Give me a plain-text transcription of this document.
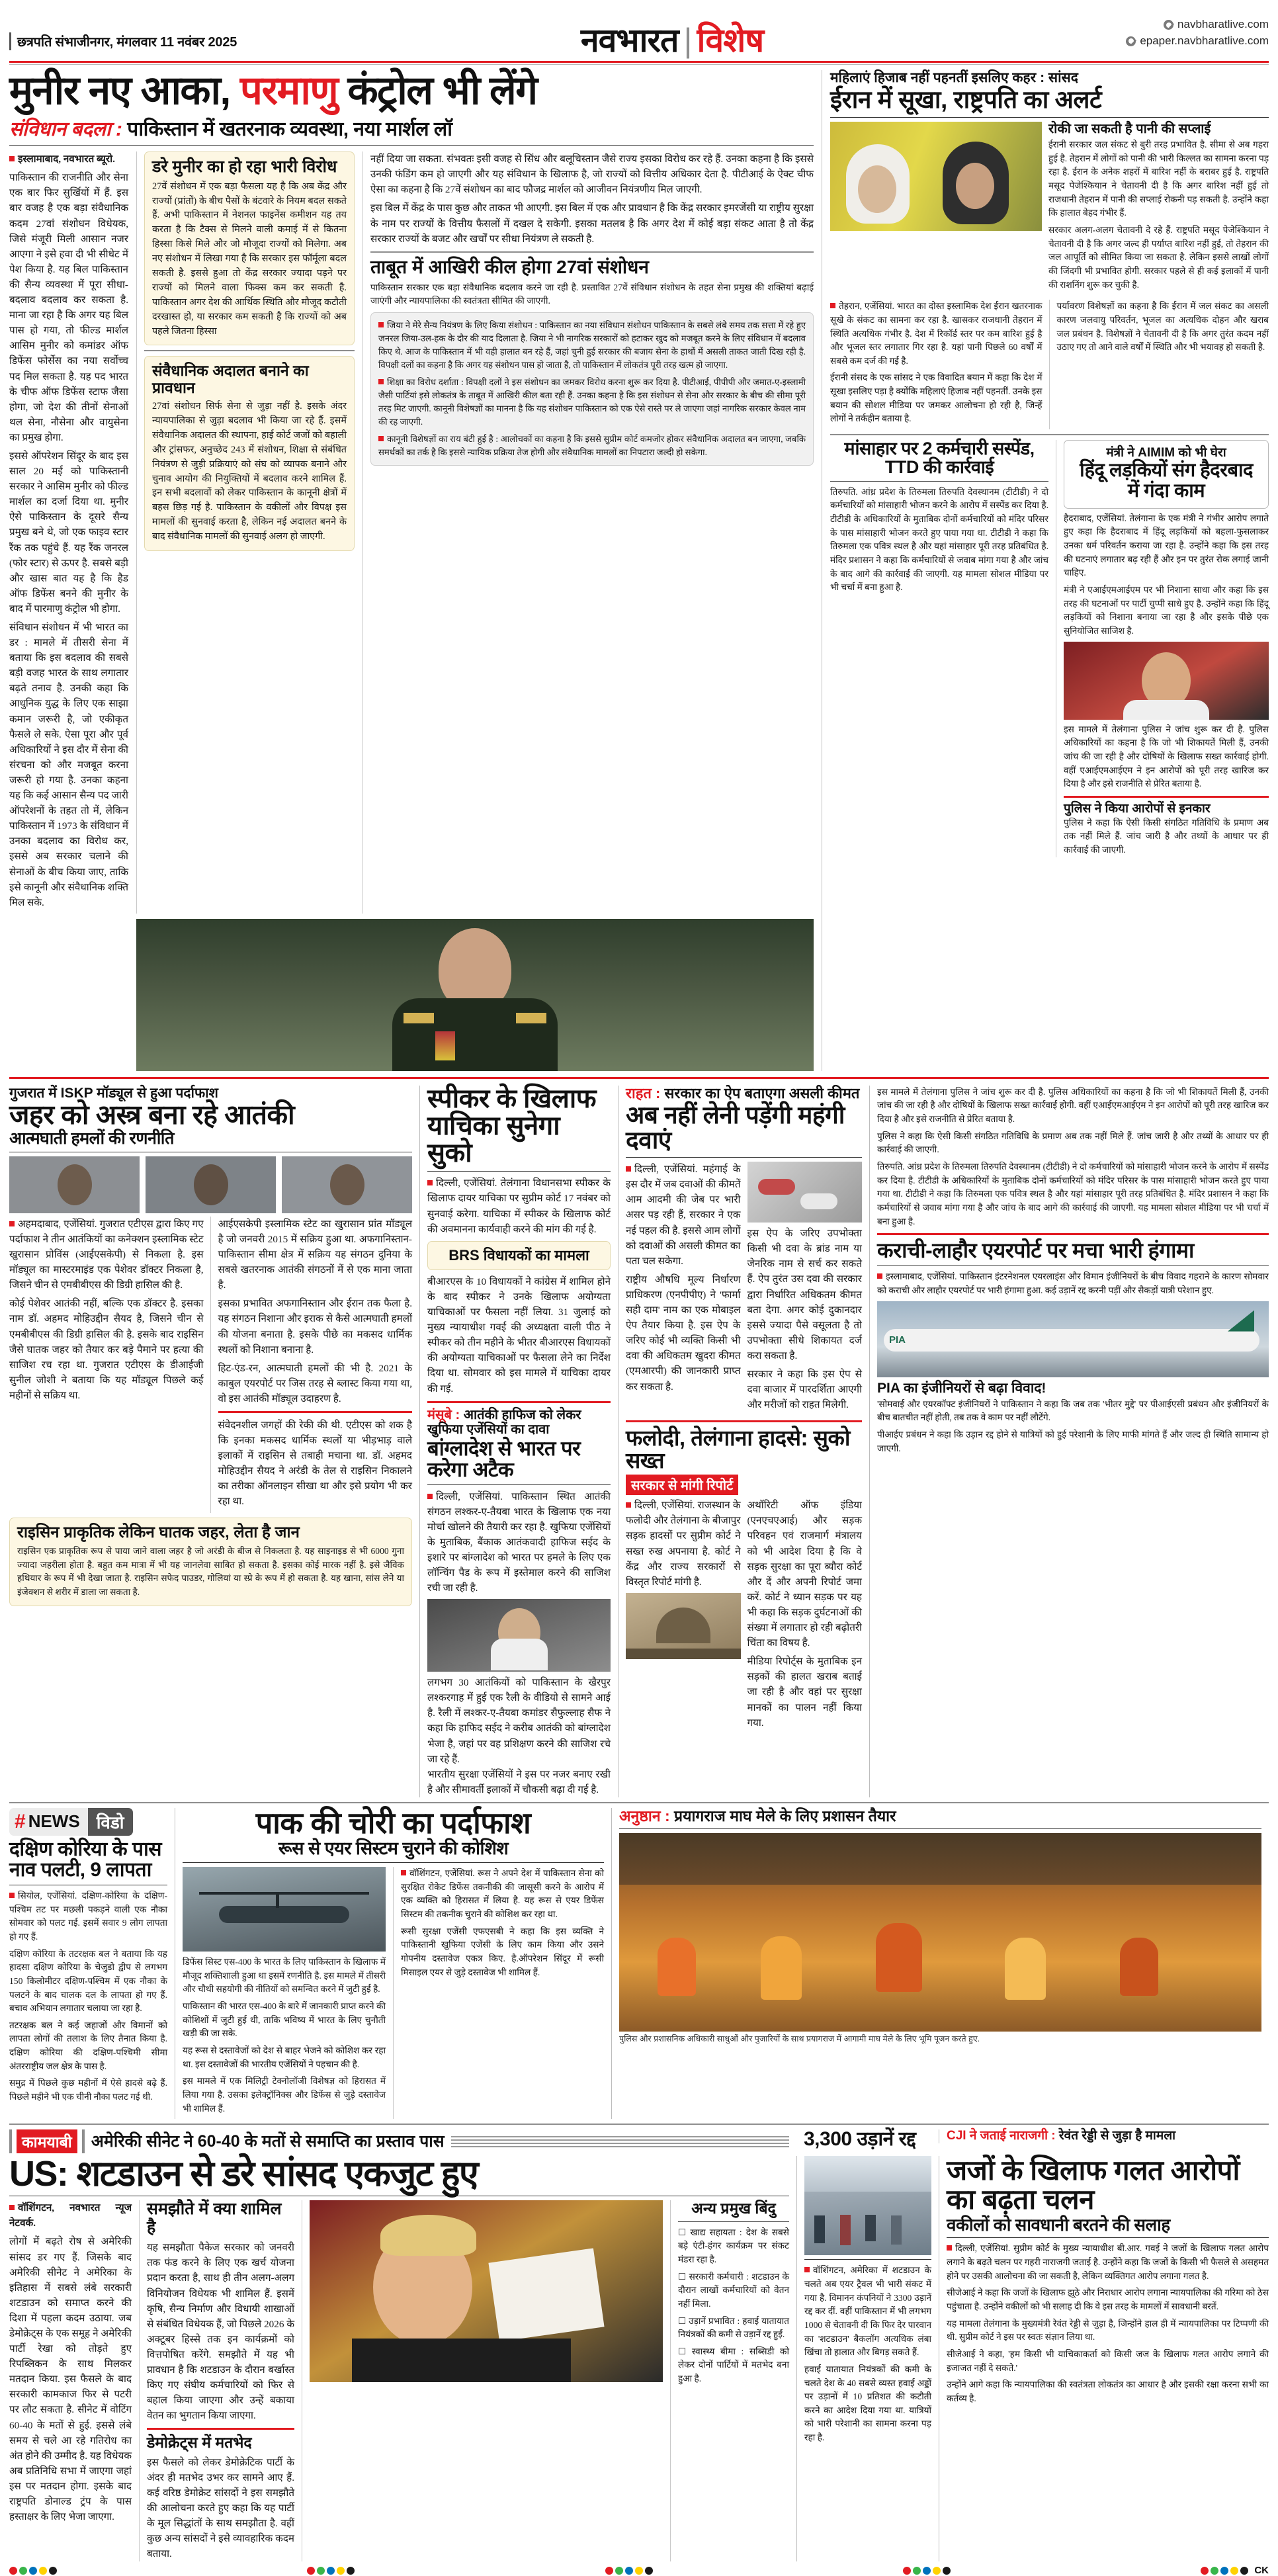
छत्रपति संभाजीनगर, मंगलवार 11 नवंबर 2025	नवभारत | विशेष	navbharatlive.com
epaper.navbharatlive.com
मुनीर नए आका, परमाणु कंट्रोल भी लेंगे
संविधान बदला : पाकिस्तान में खतरनाक व्यवस्था, नया मार्शल लॉ

इस्लामाबाद, नवभारत ब्यूरो.

पाकिस्तान की राजनीति और सेना एक बार फिर सुर्खियों में हैं. इस बार वजह है एक बड़ा संवैधानिक कदम 27वां संशोधन विधेयक, जिसे मंजूरी मिली आसान नजर आएगा ने इसे हवा दी भी सीधेट में पेश किया है. यह बिल पाकिस्तान की सैन्य व्यवस्था में पूरा सीधा-बदलाव बदलाव कर सकता है. माना जा रहा है कि अगर यह बिल पास हो गया, तो फील्ड मार्शल आसिम मुनीर को कमांडर ऑफ डिफेंस फोर्सेस का नया सर्वोच्च पद मिल सकता है. यह पद भारत के चीफ ऑफ डिफेंस स्टाफ जैसा होगा, जो देश की तीनों सेनाओं थल सेना, नौसेना और वायुसेना का प्रमुख होगा.

इससे ऑपरेशन सिंदूर के बाद इस साल 20 मई को पाकिस्तानी सरकार ने आसिम मुनीर को फील्ड मार्शल का दर्जा दिया था. मुनीर ऐसे पाकिस्तान के दूसरे सैन्य प्रमुख बने थे, जो एक फाइव स्टार रैंक तक पहुंचे हैं. यह रैंक जनरल (फोर स्टार) से ऊपर है. सबसे बड़ी और खास बात यह है कि हैड ऑफ डिफेंस बनने की मुनीर के बाद में पारमाणु कंट्रोल भी होगा.

संविधान संशोधन में भी भारत का डर : मामले में तीसरी सेना में बताया कि इस बदलाव की सबसे बड़ी वजह भारत के साथ लगातार बढ़ते तनाव है. उनकी कहा कि आधुनिक युद्ध के लिए एक साझा कमान जरूरी है, जो एकीकृत फैसले ले सके. ऐसा पूरा और पूर्व अधिकारियों ने इस दौर में सेना की संरचना को और मजबूत करना जरूरी हो गया है. उनका कहना यह कि कई आसान सैन्य पद जारी ऑपरेशनों के तहत तो में, लेकिन पाकिस्तान में 1973 के संविधान में उनका बदलाव का विरोध कर, इससे अब सरकार चलाने की सेनाओं के बीच किया जाए, ताकि इसे कानूनी और संवैधानिक शक्ति मिल सके.

डरे मुनीर का हो रहा भारी विरोध
27वें संशोधन में एक बड़ा फैसला यह है कि अब केंद्र और राज्यों (प्रांतों) के बीच पैसों के बंटवारे के नियम बदल सकते हैं. अभी पाकिस्तान में नेशनल फाइनेंस कमीशन यह तय करता है कि टैक्स से मिलने वाली कमाई में से कितना हिस्सा किसे मिले और जो मौजूदा राज्यों को मिलेगा. अब नए संशोधन में लिखा गया है कि सरकार इस फॉर्मूला बदल सकती है. इससे हुआ तो केंद्र सरकार ज्यादा पड़ने पर राज्यों को मिलने वाला फिक्स कम कर सकती है. पाकिस्तान अगर देश की आर्थिक स्थिति और मौजूद कटौती दरखास्त हो, या सरकार कम सकती है कि राज्यों को अब पहले जितना हिस्सा
संवैधानिक अदालत बनाने का प्रावधान
27वां संशोधन सिर्फ सेना से जुड़ा नहीं है. इसके अंदर न्यायपालिका से जुड़ा बदलाव भी किया जा रहे हैं. इसमें संवैधानिक अदालत की स्थापना, हाई कोर्ट जजों को बहाली और ट्रांसफर, अनुच्छेद 243 में संशोधन, शिक्षा से संबंधित नियंत्रण से जुड़ी प्रक्रियाएं को संघ को व्यापक बनाने और चुनाव आयोग की नियुक्तियों में बदलाव करने शामिल हैं. इन सभी बदलावों को लेकर पाकिस्तान के कानूनी क्षेत्रों में बहस छिड़ गई है. पाकिस्तान के वकीलों और विपक्ष इस मामलों की सुनवाई करता है, लेकिन नई अदालत बनने के बाद संवैधानिक मामलों की सुनवाई अलग हो जाएगी.

नहीं दिया जा सकता. संभवतः इसी वजह से सिंध और बलूचिस्तान जैसे राज्य इसका विरोध कर रहे हैं. उनका कहना है कि इससे उनकी फंडिंग कम हो जाएगी और यह संविधान के खिलाफ है, जो राज्यों को वित्तीय अधिकार देता है. पीटीआई के ऐक्ट चीफ ऐसा का कहना है कि 27वें संशोधन का बाद फौजद्र मार्शल को आजीवन नियंत्रणीय मिल जाएगी.

इस बिल में केंद्र के पास कुछ और ताकत भी आएगी. इस बिल में एक और प्रावधान है कि केंद्र सरकार इमरजेंसी या राष्ट्रीय सुरक्षा के नाम पर राज्यों के वित्तीय फैसलों में दखल दे सकेगी. इसका मतलब है कि अगर देश में कोई बड़ा संकट आता है तो केंद्र सरकार राज्यों के बजट और खर्चों पर सीधा नियंत्रण ले सकती है.

ताबूत में आखिरी कील होगा 27वां संशोधन
पाकिस्तान सरकार एक बड़ा संवैधानिक बदलाव करने जा रही है. प्रस्तावित 27वें संविधान संशोधन के तहत सेना प्रमुख की शक्तियां बढ़ाई जाएंगी और न्यायपालिका की स्वतंत्रता सीमित की जाएगी.
जिया ने मेरे सैन्य नियंत्रण के लिए किया संशोधन : पाकिस्तान का नया संविधान संशोधन पाकिस्तान के सबसे लंबे समय तक सत्ता में रहे हुए जनरल जिया-उल-हक के दौर की याद दिलाता है. जिया ने भी नागरिक सरकारों को हटाकर खुद को मजबूत करने के लिए संविधान में बदलाव किए थे. आज के पाकिस्तान में भी वही हालात बन रहे हैं, जहां चुनी हुई सरकार की बजाय सेना के हाथों में असली ताकत जाती दिख रही है. विपक्षी दलों का कहना है कि अगर यह संशोधन पास हो जाता है, तो पाकिस्तान में लोकतंत्र पूरी तरह खत्म हो जाएगा.
शिक्षा का विरोध दर्शाता : विपक्षी दलों ने इस संशोधन का जमकर विरोध करना शुरू कर दिया है. पीटीआई, पीपीपी और जमात-ए-इस्लामी जैसी पार्टियां इसे लोकतंत्र के ताबूत में आखिरी कील बता रही हैं. उनका कहना है कि इस संशोधन से सेना और सरकार के बीच की सीमा पूरी तरह मिट जाएगी. कानूनी विशेषज्ञों का मानना है कि यह संशोधन पाकिस्तान को एक ऐसे रास्ते पर ले जाएगा जहां नागरिक सरकार केवल नाम की रह जाएगी.
कानूनी विशेषज्ञों का राय बंटी हुई है : आलोचकों का कहना है कि इससे सुप्रीम कोर्ट कमजोर होकर संवैधानिक अदालत बन जाएगा, जबकि समर्थकों का तर्क है कि इससे न्यायिक प्रक्रिया तेज होगी और संवैधानिक मामलों का निपटारा जल्दी हो सकेगा.
महिलाएं हिजाब नहीं पहनतीं इसलिए कहर : सांसद
ईरान में सूखा, राष्ट्रपति का अलर्ट
रोकी जा सकती है पानी की सप्लाई

ईरानी सरकार जल संकट से बुरी तरह प्रभावित है. सीमा से अब गहरा हुई है. तेहरान में लोगों को पानी की भारी किल्लत का सामना करना पड़ रहा है. ईरान के अनेक शहरों में बारिश नहीं के बराबर हुई है. राष्ट्रपति मसूद पेजेश्कियान ने चेतावनी दी है कि अगर बारिश नहीं हुई तो राजधानी तेहरान में पानी की सप्लाई रोकनी पड़ सकती है. उन्होंने कहा कि हालात बेहद गंभीर हैं.

सरकार अलग-अलग चेतावनी दे रहे हैं. राष्ट्रपति मसूद पेजेश्कियान ने चेतावनी दी है कि अगर जल्द ही पर्याप्त बारिश नहीं हुई, तो तेहरान की जल आपूर्ति को सीमित किया जा सकता है. लेकिन इससे लाखों लोगों की जिंदगी भी प्रभावित होगी. सरकार पहले से ही कई इलाकों में पानी की राशनिंग शुरू कर चुकी है.

तेहरान, एजेंसियां. भारत का दोस्त इस्लामिक देश ईरान खतरनाक सूखे के संकट का सामना कर रहा है. खासकर राजधानी तेहरान में स्थिति अत्यधिक गंभीर है. देश में रिकॉर्ड स्तर पर कम बारिश हुई है और भूजल स्तर लगातार गिर रहा है. यहां पानी पिछले 60 वर्षों में सबसे कम दर्ज की गई है.

ईरानी संसद के एक सांसद ने एक विवादित बयान में कहा कि देश में सूखा इसलिए पड़ा है क्योंकि महिलाएं हिजाब नहीं पहनतीं. उनके इस बयान की सोशल मीडिया पर जमकर आलोचना हो रही है, जिन्हें लोगों ने तर्कहीन बताया है.

पर्यावरण विशेषज्ञों का कहना है कि ईरान में जल संकट का असली कारण जलवायु परिवर्तन, भूजल का अत्यधिक दोहन और खराब जल प्रबंधन है. विशेषज्ञों ने चेतावनी दी है कि अगर तुरंत कदम नहीं उठाए गए तो आने वाले वर्षों में स्थिति और भी भयावह हो सकती है.

मांसाहार पर 2 कर्मचारी सस्पेंड, TTD की कार्रवाई
तिरुपति. आंध्र प्रदेश के तिरुमला तिरुपति देवस्थानम (टीटीडी) ने दो कर्मचारियों को मांसाहारी भोजन करने के आरोप में सस्पेंड कर दिया है. टीटीडी के अधिकारियों के मुताबिक दोनों कर्मचारियों को मंदिर परिसर के पास मांसाहारी भोजन करते हुए पाया गया था. टीटीडी ने कहा कि तिरुमला एक पवित्र स्थल है और यहां मांसाहार पूरी तरह प्रतिबंधित है. मंदिर प्रशासन ने कहा कि कर्मचारियों से जवाब मांगा गया है और जांच के बाद आगे की कार्रवाई की जाएगी. यह मामला सोशल मीडिया पर भी चर्चा में बना हुआ है.
मंत्री ने AIMIM को भी घेरा
हिंदू लड़कियों संग हैदरबाद में गंदा काम

हैदराबाद, एजेंसियां. तेलंगाना के एक मंत्री ने गंभीर आरोप लगाते हुए कहा कि हैदराबाद में हिंदू लड़कियों को बहला-फुसलाकर उनका धर्म परिवर्तन कराया जा रहा है. उन्होंने कहा कि इस तरह की घटनाएं लगातार बढ़ रही हैं और इन पर तुरंत रोक लगाई जानी चाहिए.

मंत्री ने एआईएमआईएम पर भी निशाना साधा और कहा कि इस तरह की घटनाओं पर पार्टी चुप्पी साधे हुए है. उन्होंने कहा कि हिंदू लड़कियों को निशाना बनाया जा रहा है और इसके पीछे एक सुनियोजित साजिश है.

इस मामले में तेलंगाना पुलिस ने जांच शुरू कर दी है. पुलिस अधिकारियों का कहना है कि जो भी शिकायतें मिली हैं, उनकी जांच की जा रही है और दोषियों के खिलाफ सख्त कार्रवाई होगी. वहीं एआईएमआईएम ने इन आरोपों को पूरी तरह खारिज कर दिया है और इसे राजनीति से प्रेरित बताया है.
पुलिस ने किया आरोपों से इनकार
पुलिस ने कहा कि ऐसी किसी संगठित गतिविधि के प्रमाण अब तक नहीं मिले हैं. जांच जारी है और तथ्यों के आधार पर ही कार्रवाई की जाएगी.
गुजरात में ISKP मॉड्यूल से हुआ पर्दाफाश
जहर को अस्त्र बना रहे आतंकी
आत्मघाती हमलों की रणनीति

अहमदाबाद, एजेंसियां. गुजरात एटीएस द्वारा किए गए पर्दाफाश ने तीन आतंकियों का कनेक्शन इस्लामिक स्टेट खुरासान प्रोविंस (आईएसकेपी) से निकला है. इस मॉड्यूल का मास्टरमाइंड एक पेशेवर डॉक्टर निकला है, जिसने चीन से एमबीबीएस की डिग्री हासिल की है.

कोई पेशेवर आतंकी नहीं, बल्कि एक डॉक्टर है. इसका नाम डॉ. अहमद मोहिउद्दीन सैयद है, जिसने चीन से एमबीबीएस की डिग्री हासिल की है. इसके बाद राइसिन जैसे घातक जहर को तैयार कर बड़े पैमाने पर हत्या की साजिश रच रहा था. गुजरात एटीएस के डीआईजी सुनील जोशी ने बताया कि यह मॉड्यूल पिछले कई महीनों से सक्रिय था.

आईएसकेपी इस्लामिक स्टेट का खुरासान प्रांत मॉड्यूल है जो जनवरी 2015 में सक्रिय हुआ था. अफगानिस्तान-पाकिस्तान सीमा क्षेत्र में सक्रिय यह संगठन दुनिया के सबसे खतरनाक आतंकी संगठनों में से एक माना जाता है.

इसका प्रभावित अफगानिस्तान और ईरान तक फैला है. यह संगठन निशाना और इराक से कैसे आत्मघाती हमलों की योजना बनाता है. इसके पीछे का मकसद धार्मिक स्थलों को निशाना बनाना है.

हिट-एंड-रन, आत्मघाती हमलों की भी है. 2021 के काबुल एयरपोर्ट पर जिस तरह से ब्लास्ट किया गया था, वो इस आतंकी मॉड्यूल उदाहरण है.

संवेदनशील जगहों की रेकी की थी. एटीएस को शक है कि इनका मकसद धार्मिक स्थलों या भीड़भाड़ वाले इलाकों में राइसिन से तबाही मचाना था. डॉ. अहमद मोहिउद्दीन सैयद ने अरंडी के तेल से राइसिन निकालने का तरीका ऑनलाइन सीखा था और इसे प्रयोग भी कर रहा था.

राइसिन प्राकृतिक लेकिन घातक जहर, लेता है जान
राइसिन एक प्राकृतिक रूप से पाया जाने वाला जहर है जो अरंडी के बीज से निकलता है. यह साइनाइड से भी 6000 गुना ज्यादा जहरीला होता है. बहुत कम मात्रा में भी यह जानलेवा साबित हो सकता है. इसका कोई मारक नहीं है. इसे जैविक हथियार के रूप में भी देखा जाता है. राइसिन सफेद पाउडर, गोलियां या स्प्रे के रूप में हो सकता है. यह खाना, सांस लेने या इंजेक्शन से शरीर में डाला जा सकता है.
स्पीकर के खिलाफ याचिका सुनेगा सुको

दिल्ली, एजेंसियां. तेलंगाना विधानसभा स्पीकर के खिलाफ दायर याचिका पर सुप्रीम कोर्ट 17 नवंबर को सुनवाई करेगा. याचिका में स्पीकर के खिलाफ कोर्ट की अवमानना कार्यवाही करने की मांग की गई है.

BRS विधायकों का मामला
बीआरएस के 10 विधायकों ने कांग्रेस में शामिल होने के बाद स्पीकर ने उनके खिलाफ अयोग्यता याचिकाओं पर फैसला नहीं लिया. 31 जुलाई को मुख्य न्यायाधीश गवई की अध्यक्षता वाली पीठ ने स्पीकर को तीन महीने के भीतर बीआरएस विधायकों की अयोग्यता याचिकाओं पर फैसला लेने का निर्देश दिया था. सोमवार को इस मामले में याचिका दायर की गई.
मंसूबे : आतंकी हाफिज को लेकर खुफिया एजेंसियों का दावा
बांग्लादेश से भारत पर करेगा अटैक

दिल्ली, एजेंसियां. पाकिस्तान स्थित आतंकी संगठन लश्कर-ए-तैयबा भारत के खिलाफ एक नया मोर्चा खोलने की तैयारी कर रहा है. खुफिया एजेंसियों के मुताबिक, बैंकाक आतंकवादी हाफिज सईद के इशारे पर बांग्लादेश को भारत पर हमले के लिए एक लॉन्चिंग पैड के रूप में इस्तेमाल करने की साजिश रची जा रही है.

लगभग 30 आतंकियों को पाकिस्तान के खैरपुर लश्करगाह में हुई एक रैली के वीडियो से सामने आई है. रैली में लश्कर-ए-तैयबा कमांडर सैफुल्लाह सैफ ने कहा कि हाफिद सईद ने करीब आतंकी को बांग्लादेश भेजा है, जहां पर वह प्रशिक्षण करने की साजिश रचे जा रहे हैं.
भारतीय सुरक्षा एजेंसियों ने इस पर नजर बनाए रखी है और सीमावर्ती इलाकों में चौकसी बढ़ा दी गई है.
राहत : सरकार का ऐप बताएगा असली कीमत
अब नहीं लेनी पड़ेंगी महंगी दवाएं

दिल्ली, एजेंसियां. महंगाई के इस दौर में जब दवाओं की कीमतें आम आदमी की जेब पर भारी असर पड़ रही हैं, सरकार ने एक नई पहल की है. इससे आम लोगों को दवाओं की असली कीमत का पता चल सकेगा.

राष्ट्रीय औषधि मूल्य निर्धारण प्राधिकरण (एनपीपीए) ने 'फार्मा सही दाम' नाम का एक मोबाइल ऐप तैयार किया है. इस ऐप के जरिए कोई भी व्यक्ति किसी भी दवा की अधिकतम खुदरा कीमत (एमआरपी) की जानकारी प्राप्त कर सकता है.

इस ऐप के जरिए उपभोक्ता किसी भी दवा के ब्रांड नाम या जेनरिक नाम से सर्च कर सकते हैं. ऐप तुरंत उस दवा की सरकार द्वारा निर्धारित अधिकतम कीमत बता देगा. अगर कोई दुकानदार इससे ज्यादा पैसे वसूलता है तो उपभोक्ता सीधे शिकायत दर्ज करा सकता है.

सरकार ने कहा कि इस ऐप से दवा बाजार में पारदर्शिता आएगी और मरीजों को राहत मिलेगी.

फलोदी, तेलंगाना हादसे: सुको सख्त
सरकार से मांगी रिपोर्ट

दिल्ली, एजेंसियां. राजस्थान के फलोदी और तेलंगाना के बीजापुर सड़क हादसों पर सुप्रीम कोर्ट ने सख्त रुख अपनाया है. कोर्ट ने केंद्र और राज्य सरकारों से विस्तृत रिपोर्ट मांगी है.

अथॉरिटी ऑफ इंडिया (एनएचएआई) और सड़क परिवहन एवं राजमार्ग मंत्रालय को भी आदेश दिया है कि वे सड़क सुरक्षा का पूरा ब्यौरा कोर्ट और दें और अपनी रिपोर्ट जमा करें. कोर्ट ने ध्यान सड़क पर यह भी कहा कि सड़क दुर्घटनाओं की संख्या में लगातार हो रही बढ़ोतरी चिंता का विषय है.

मीडिया रिपोर्ट्स के मुताबिक इन सड़कों की हालत खराब बताई जा रही है और वहां पर सुरक्षा मानकों का पालन नहीं किया गया.

इस मामले में तेलंगाना पुलिस ने जांच शुरू कर दी है. पुलिस अधिकारियों का कहना है कि जो भी शिकायतें मिली हैं, उनकी जांच की जा रही है और दोषियों के खिलाफ सख्त कार्रवाई होगी. वहीं एआईएमआईएम ने इन आरोपों को पूरी तरह खारिज कर दिया है और इसे राजनीति से प्रेरित बताया है.

पुलिस ने कहा कि ऐसी किसी संगठित गतिविधि के प्रमाण अब तक नहीं मिले हैं. जांच जारी है और तथ्यों के आधार पर ही कार्रवाई की जाएगी.

तिरुपति. आंध्र प्रदेश के तिरुमला तिरुपति देवस्थानम (टीटीडी) ने दो कर्मचारियों को मांसाहारी भोजन करने के आरोप में सस्पेंड कर दिया है. टीटीडी के अधिकारियों के मुताबिक दोनों कर्मचारियों को मंदिर परिसर के पास मांसाहारी भोजन करते हुए पाया गया था. टीटीडी ने कहा कि तिरुमला एक पवित्र स्थल है और यहां मांसाहार पूरी तरह प्रतिबंधित है. मंदिर प्रशासन ने कहा कि कर्मचारियों से जवाब मांगा गया है और जांच के बाद आगे की कार्रवाई की जाएगी. यह मामला सोशल मीडिया पर भी चर्चा में बना हुआ है.

कराची-लाहौर एयरपोर्ट पर मचा भारी हंगामा

इस्लामाबाद, एजेंसियां. पाकिस्तान इंटरनेशनल एयरलाइंस और विमान इंजीनियरों के बीच विवाद गहराने के कारण सोमवार को कराची और लाहौर एयरपोर्ट पर भारी हंगामा हुआ. कई उड़ानें रद्द करनी पड़ीं और सैकड़ों यात्री परेशान हुए.

PIA
PIA का इंजीनियरों से बढ़ा विवाद!

'सोमवाई और एयरकॉफ्ट इंजीनियरों ने पाकिस्तान ने कहा कि जब तक 'भीतर मुद्दे' पर पीआईएसी प्रबंधन और इंजीनियरों के बीच बातचीत नहीं होती, तब तक वे काम पर नहीं लौटेंगे.

पीआईए प्रबंधन ने कहा कि उड़ान रद्द होने से यात्रियों को हुई परेशानी के लिए माफी मांगते हैं और जल्द ही स्थिति सामान्य हो जाएगी.

# NEWS विडो
दक्षिण कोरिया के पास नाव पलटी, 9 लापता

सियोल, एजेंसियां. दक्षिण-कोरिया के दक्षिण-पश्चिम तट पर मछली पकड़ने वाली एक नौका सोमवार को पलट गई. इसमें सवार 9 लोग लापता हो गए हैं.

दक्षिण कोरिया के तटरक्षक बल ने बताया कि यह हादसा दक्षिण कोरिया के चेजुडो द्वीप से लगभग 150 किलोमीटर दक्षिण-पश्चिम में एक नौका के पलटने के बाद चालक दल के लापता हो गए हैं. बचाव अभियान लगातार चलाया जा रहा है.

तटरक्षक बल ने कई जहाजों और विमानों को लापता लोगों की तलाश के लिए तैनात किया है. दक्षिण कोरिया की दक्षिण-पश्चिमी सीमा अंतरराष्ट्रीय जल क्षेत्र के पास है.

समुद्र में पिछले कुछ महीनों में ऐसे हादसे बढ़े हैं. पिछले महीने भी एक चीनी नौका पलट गई थी.

पाक की चोरी का पर्दाफाश
रूस से एयर सिस्टम चुराने की कोशिश

डिफेंस सिस्ट एस-400 के भारत के लिए पाकिस्तान के खिलाफ में मौजूद शक्तिशाली हुआ था इसमें रणनीति है. इस मामले में तीसरी और चौथी सहयोगी की नीतियों को समन्वित करने में जुटी हुई है.

पाकिस्तान की भारत एस-400 के बारे में जानकारी प्राप्त करने की कोशिशों में जुटी हुई थी, ताकि भविष्य में भारत के लिए चुनौती खड़ी की जा सके.

यह रूस से दस्तावेजों को देश से बाहर भेजने को कोशिश कर रहा था. इस दस्तावेजों की भारतीय एजेंसियों ने पहचान की है.

इस मामले में एक मिलिट्री टेक्नोलॉजी विशेषज्ञ को हिरासत में लिया गया है. उसका इलेक्ट्रॉनिक्स और डिफेंस से जुड़े दस्तावेज भी शामिल हैं.

वॉशिंगटन, एजेंसियां. रूस ने अपने देश में पाकिस्तान सेना को सुरक्षित रोकेट डिफेंस तकनीकी की जासूसी करने के आरोप में एक व्यक्ति को हिरासत में लिया है. यह रूस से एयर डिफेंस सिस्टम की तकनीक चुराने की कोशिश कर रहा था.

रूसी सुरक्षा एजेंसी एफएसबी ने कहा कि इस व्यक्ति ने पाकिस्तानी खुफिया एजेंसी के लिए काम किया और उसने गोपनीय दस्तावेज एकत्र किए. है.ऑपरेशन सिंदूर में रूसी मिसाइल एयर से जुड़े दस्तावेज भी शामिल हैं.

अनुष्ठान : प्रयागराज माघ मेले के लिए प्रशासन तैयार
पुलिस और प्रशासनिक अधिकारी साधुओं और पुजारियों के साथ प्रयागराज में आगामी माघ मेले के लिए भूमि पूजन करते हुए.
कामयाबी	अमेरिकी सीनेट ने 60-40 के मतों से समाप्ति का प्रस्ताव पास	3,300 उड़ानें रद्द	CJI ने जताई नाराजगी : रेवंत रेड्डी से जुड़ा है मामला
US: शटडाउन से डरे सांसद एकजुट हुए

वॉशिंगटन, नवभारत न्यूज नेटवर्क.

लोगों में बढ़ते रोष से अमेरिकी सांसद डर गए हैं. जिसके बाद अमेरिकी सीनेट ने अमेरिका के इतिहास में सबसे लंबे सरकारी शटडाउन को समाप्त करने की दिशा में पहला कदम उठाया. जब डेमोक्रेट्स के एक समूह ने अमेरिकी पार्टी रेखा को तोड़ते हुए रिपब्लिकन के साथ मिलकर मतदान किया. इस फैसले के बाद सरकारी कामकाज फिर से पटरी पर लौट सकता है. सीनेट में वोटिंग 60-40 के मतों से हुई. इससे लंबे समय से चले आ रहे गतिरोध का अंत होने की उम्मीद है. यह विधेयक अब प्रतिनिधि सभा में जाएगा जहां इस पर मतदान होगा. इसके बाद राष्ट्रपति डोनाल्ड ट्रंप के पास हस्ताक्षर के लिए भेजा जाएगा.

समझौते में क्या शामिल है
यह समझौता पैकेज सरकार को जनवरी तक फंड करने के लिए एक खर्च योजना प्रदान करता है, साथ ही तीन अलग-अलग विनियोजन विधेयक भी शामिल हैं. इसमें कृषि, सैन्य निर्माण और विधायी शाखाओं से संबंधित विधेयक हैं, जो पिछले 2026 के अक्टूबर हिस्से तक इन कार्यक्रमों को वित्तपोषित करेंगे. समझौते में यह भी प्रावधान है कि शटडाउन के दौरान बर्खास्त किए गए संघीय कर्मचारियों को फिर से बहाल किया जाएगा और उन्हें बकाया वेतन का भुगतान किया जाएगा.
डेमोक्रेट्स में मतभेद
इस फैसले को लेकर डेमोक्रेटिक पार्टी के अंदर ही मतभेद उभर कर सामने आए हैं. कई वरिष्ठ डेमोक्रेट सांसदों ने इस समझौते की आलोचना करते हुए कहा कि यह पार्टी के मूल सिद्धांतों के साथ समझौता है. वहीं कुछ अन्य सांसदों ने इसे व्यावहारिक कदम बताया.
अन्य प्रमुख बिंदु

☐ खाद्य सहायता : देश के सबसे बड़े एंटी-हंगर कार्यक्रम पर संकट मंडरा रहा है.

☐ सरकारी कर्मचारी : शटडाउन के दौरान लाखों कर्मचारियों को वेतन नहीं मिला.

☐ उड़ानें प्रभावित : हवाई यातायात नियंत्रकों की कमी से उड़ानें रद्द हुईं.

☐ स्वास्थ्य बीमा : सब्सिडी को लेकर दोनों पार्टियों में मतभेद बना हुआ है.

वॉशिंगटन, अमेरिका में शटडाउन के चलते अब एयर ट्रैवल भी भारी संकट में गया है. विमानन कंपनियों ने 3300 उड़ानें रद्द कर दीं. वहीं पाकिस्तान में भी लगभग 1000 से चेतावनी दी कि फिर देर पारवान का 'शटडाउन' बैकलॉग अत्यधिक लंबा खिंचा तो हालात और बिगड़ सकते हैं.

हवाई यातायात नियंत्रकों की कमी के चलते देश के 40 सबसे व्यस्त हवाई अड्डों पर उड़ानों में 10 प्रतिशत की कटौती करने का आदेश दिया गया था. यात्रियों को भारी परेशानी का सामना करना पड़ रहा है.

जजों के खिलाफ गलत आरोपों का बढ़ता चलन
वकीलों को सावधानी बरतने की सलाह

दिल्ली, एजेंसियां. सुप्रीम कोर्ट के मुख्य न्यायाधीश बी.आर. गवई ने जजों के खिलाफ गलत आरोप लगाने के बढ़ते चलन पर गहरी नाराजगी जताई है. उन्होंने कहा कि जजों के किसी भी फैसले से असहमत होने पर उसकी आलोचना की जा सकती है, लेकिन व्यक्तिगत आरोप लगाना गलत है.

सीजेआई ने कहा कि जजों के खिलाफ झूठे और निराधार आरोप लगाना न्यायपालिका की गरिमा को ठेस पहुंचाता है. उन्होंने वकीलों को भी सलाह दी कि वे इस तरह के मामलों में सावधानी बरतें.

यह मामला तेलंगाना के मुख्यमंत्री रेवंत रेड्डी से जुड़ा है, जिन्होंने हाल ही में न्यायपालिका पर टिप्पणी की थी. सुप्रीम कोर्ट ने इस पर स्वतः संज्ञान लिया था.

सीजेआई ने कहा, 'हम किसी भी याचिकाकर्ता को किसी जज के खिलाफ गलत आरोप लगाने की इजाजत नहीं दे सकते.'

उन्होंने आगे कहा कि न्यायपालिका की स्वतंत्रता लोकतंत्र का आधार है और इसकी रक्षा करना सभी का कर्तव्य है.

CK
